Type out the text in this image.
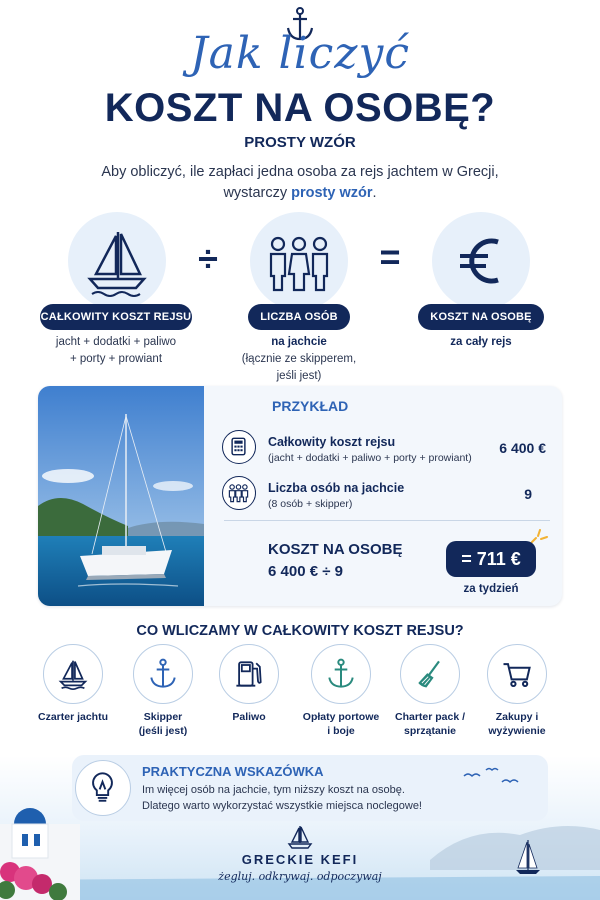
Jak liczyć
KOSZT NA OSOBĘ?
PROSTY WZÓR
Aby obliczyć, ile zapłaci jedna osoba za rejs jachtem w Grecji,
wystarczy prosty wzór.
÷	=
CAŁKOWITY KOSZT REJSU	LICZBA OSÓB	KOSZT NA OSOBĘ
jacht + dodatki + paliwo
+ porty + prowiant
na jachcie
(łącznie ze skipperem,
jeśli jest)
za cały rejs
PRZYKŁAD
Całkowity koszt rejsu
(jacht + dodatki + paliwo + porty + prowiant)
6 400 €
Liczba osób na jachcie
(8 osób + skipper)
9
KOSZT NA OSOBĘ
6 400 € ÷ 9
= 711 €
za tydzień
CO WLICZAMY W CAŁKOWITY KOSZT REJSU?
Czarter jachtu	Skipper
(jeśli jest)
Paliwo	Opłaty portowe
i boje
Charter pack /
sprzątanie
Zakupy i
wyżywienie
PRAKTYCZNA WSKAZÓWKA
Im więcej osób na jachcie, tym niższy koszt na osobę.
Dlatego warto wykorzystać wszystkie miejsca noclegowe!
GRECKIE KEFI
żegluj. odkrywaj. odpoczywaj
